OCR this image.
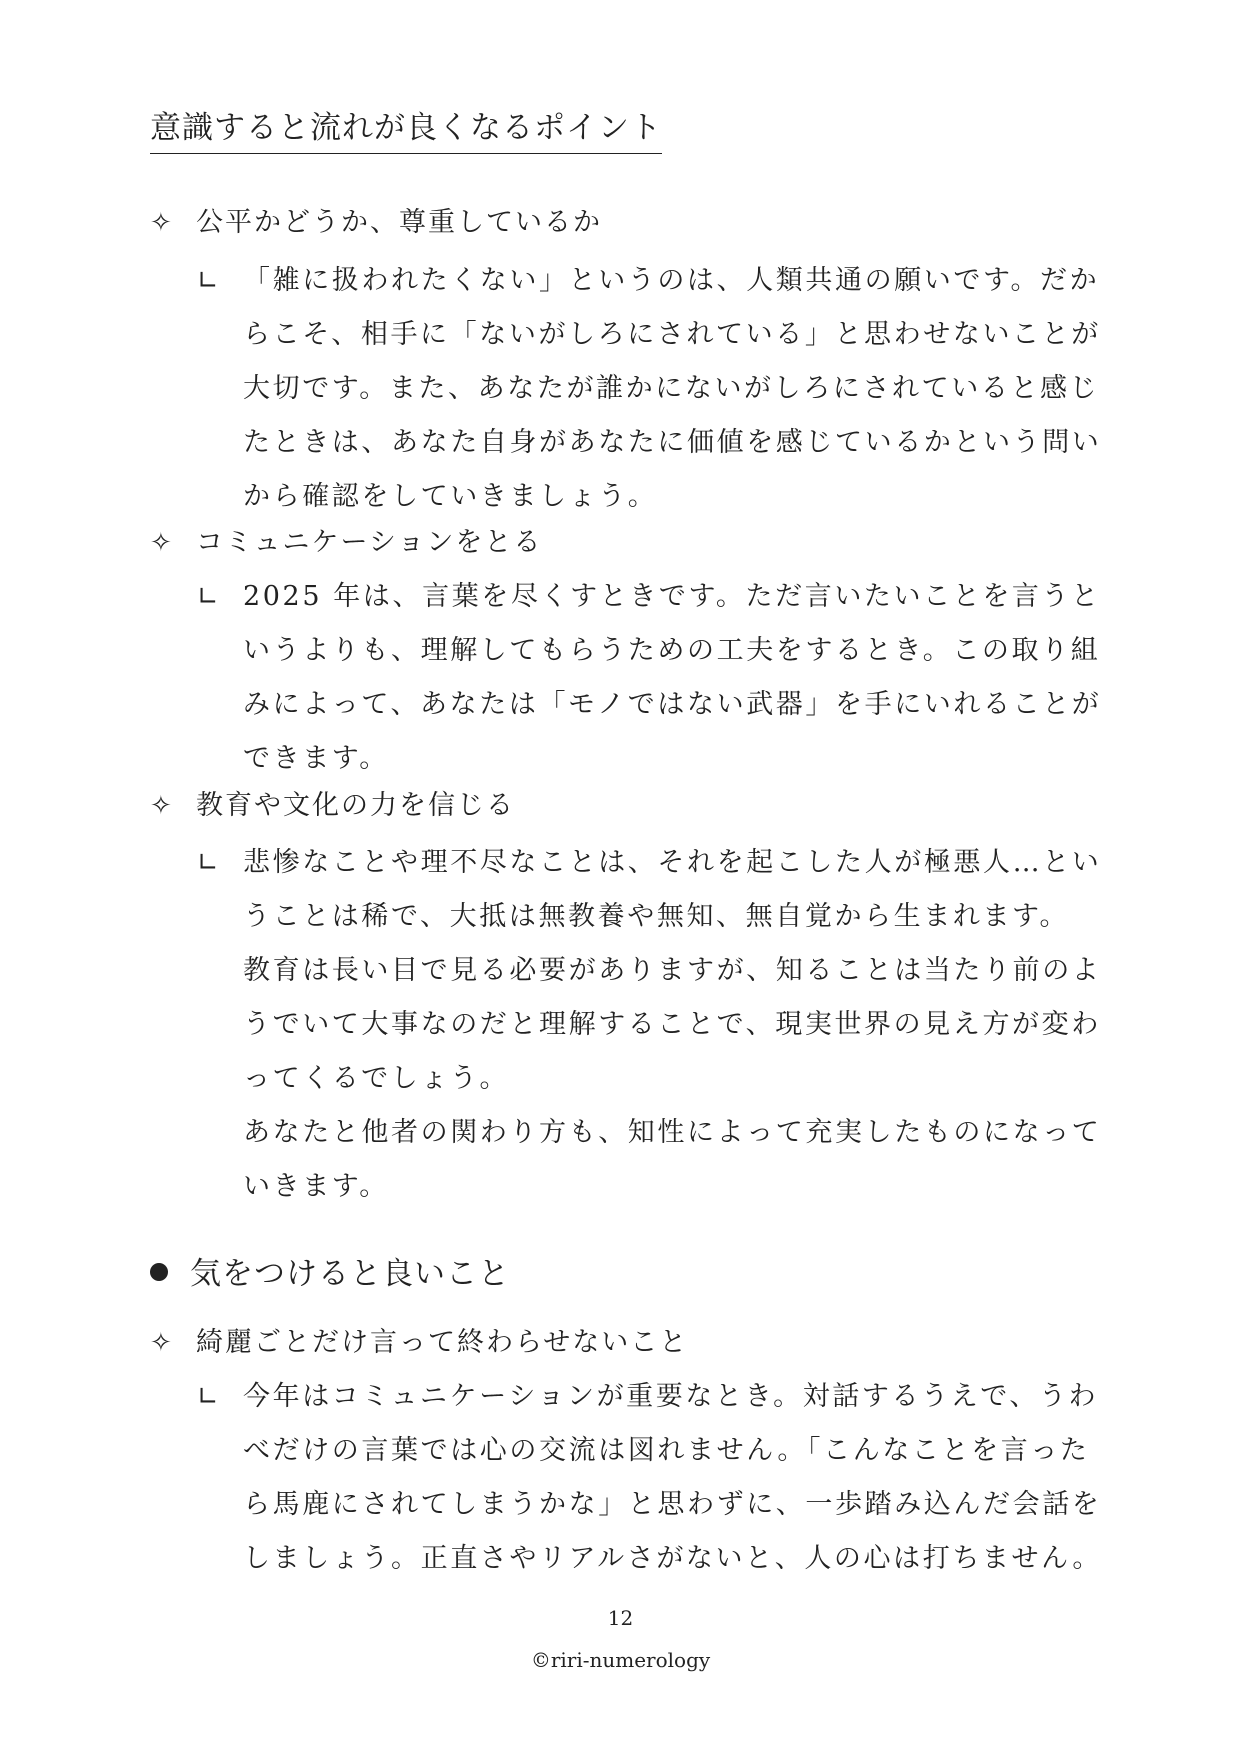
意識すると流れが良くなるポイント
✧ 公平かどうか、尊重しているか
∟ 「雑に扱われたくない」というのは、人類共通の願いです。だか
らこそ、相手に「ないがしろにされている」と思わせないことが
大切です。また、あなたが誰かにないがしろにされていると感じ
たときは、あなた自身があなたに価値を感じているかという問い
から確認をしていきましょう。
✧ コミュニケーションをとる
∟ 2025 年は、言葉を尽くすときです。ただ言いたいことを言うと
いうよりも、理解してもらうための工夫をするとき。この取り組
みによって、あなたは「モノではない武器」を手にいれることが
できます。
✧ 教育や文化の力を信じる
∟ 悲惨なことや理不尽なことは、それを起こした人が極悪人…とい
うことは稀で、大抵は無教養や無知、無自覚から生まれます。
教育は長い目で見る必要がありますが、知ることは当たり前のよ
うでいて大事なのだと理解することで、現実世界の見え方が変わ
ってくるでしょう。
あなたと他者の関わり方も、知性によって充実したものになって
いきます。
気をつけると良いこと
✧ 綺麗ごとだけ言って終わらせないこと
∟ 今年はコミュニケーションが重要なとき。対話するうえで、うわ
べだけの言葉では心の交流は図れません。「こんなことを言った
ら馬鹿にされてしまうかな」と思わずに、一歩踏み込んだ会話を
しましょう。正直さやリアルさがないと、人の心は打ちません。
12
©riri-numerology
